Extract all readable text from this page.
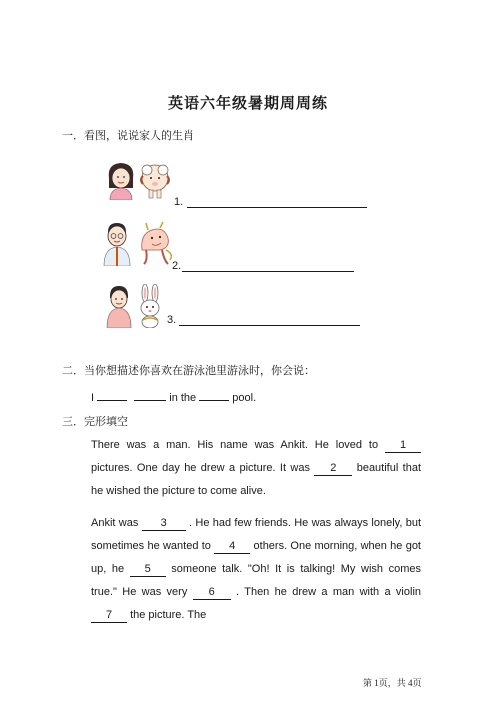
英语六年级暑期周周练
一．看图，说说家人的生肖
1.
2.
3.
二．当你想描述你喜欢在游泳池里游泳时，你会说：
I	in the	pool.
三．完形填空
There was a man. His name was Ankit. He loved to 1 pictures. One day he drew a picture. It was 2 beautiful that he wished the picture to come alive.
Ankit was 3 . He had few friends. He was always lonely, but sometimes he wanted to 4 others. One morning, when he got up, he 5 someone talk. "Oh! It is talking! My wish comes true." He was very 6 . Then he drew a man with a violin 7 the picture. The
第 1页，共 4页
